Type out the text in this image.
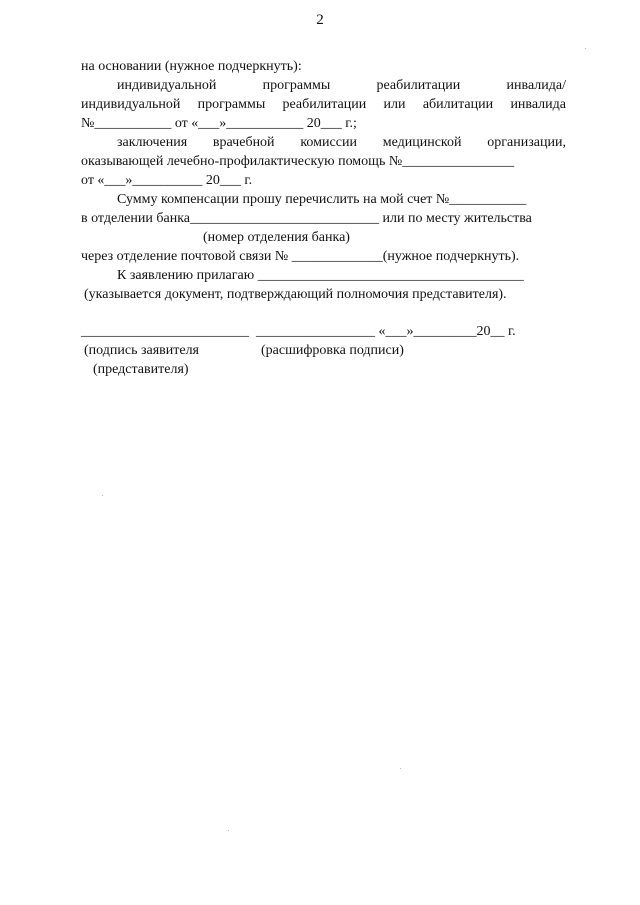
2
на основании (нужное подчеркнуть):
индивидуальной	программы	реабилитации	инвалида/
индивидуальной программы реабилитации или абилитации инвалида
№___________ от «___»___________ 20___ г.;
заключения врачебной комиссии медицинской организации,
оказывающей лечебно-профилактическую помощь №________________
от «___»__________ 20___ г.
Сумму компенсации прошу перечислить на мой счет №___________
в отделении банка___________________________ или по месту жительства
(номер отделения банка)
через отделение почтовой связи № _____________(нужное подчеркнуть).
К заявлению прилагаю ______________________________________
(указывается документ, подтверждающий полномочия представителя).
________________________  _________________ «___»_________20__ г.
(подпись заявителя	(расшифровка подписи)
(представителя)
